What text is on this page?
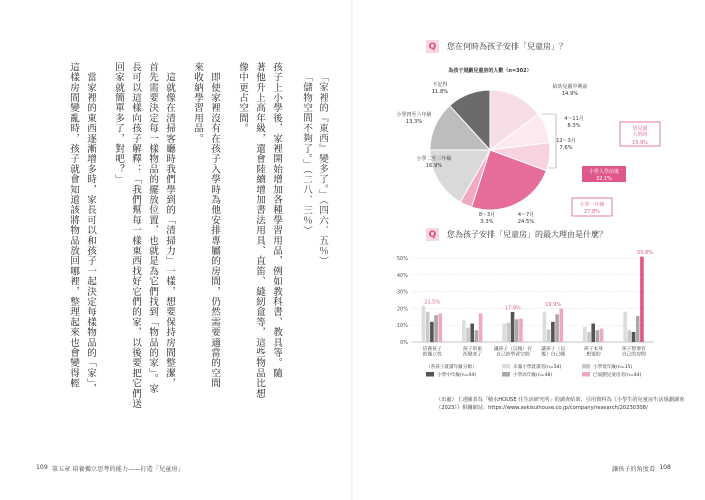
「家裡的『東西』變多了。」（四六．五％）
「儲物空間不夠了。」（二八．三％）
孩子上小學後，家裡開始增加各種學習用品，例如教科書、教具等。隨
著他升上高年級，還會陸續增加書法用具、直笛、縫紉盒等，這些物品比想
像中更占空間。
　即使家裡沒有在孩子入學時為他安排專屬的房間，仍然需要適當的空間
來收納學習用品。
　這就像在清掃客廳時我們學到的「清掃力」一樣，想要保持房間整潔，
首先需要決定每一樣物品的擺放位置，也就是為它們找到「物品的家」。家
長可以這樣向孩子解釋：「我們幫每一樣東西找好它們的家，以後要把它們送
回家就簡單多了，對吧？」
　當家裡的東西逐漸增多時，家長可以和孩子一起決定每樣物品的「家」，
這樣房間變亂時，孩子就會知道該將物品放回哪裡，整理起來也會變得輕
109 第五章 培養獨立思考的能力——打造「兒童房」
Q	您在何時為孩子安排「兒童房」？
給幼兒園中期前
14.9%
4～11月
8.3%
12～3月
7.6%
4～7月
24.5%
8～3月
3.3%
小學二至三年級
16.9%
小學四至六年級
13.3%
不記得
11.8%
為孩子規劃兒童房的人數（n=302）
幼兒園大班時
15.9%
小學入學前後
32.1%
小學一年級
27.8%
Q	您為孩子安排「兒童房」的最大理由是什麼？
0%
10%
20%
30%
40%
50%
培養孩子的獨立性
孩子的東西變多了
讓孩子（以後）有自己的學習空間
讓孩子（以後）自己睡
孩子本身想要的
孩子想要有自己的房間
21.5%
17.9%
19.9%
50.8%
（各孩子就讀年級分類）	未滿小學就讀者(n=54)	小學低年級(n=35)
小學中年級(n=44)	小學高年級(n=48)	已規劃兒童房者(n=44)
（出處）上述圖表為「積水HOUSE 住生活研究所」的調查結果，引用資料為《小學生的兒童房生活規劃調查（2023）》相關網站：https://www.sekisuihouse.co.jp/company/research/20230308/
讓孩子的角度看 108
